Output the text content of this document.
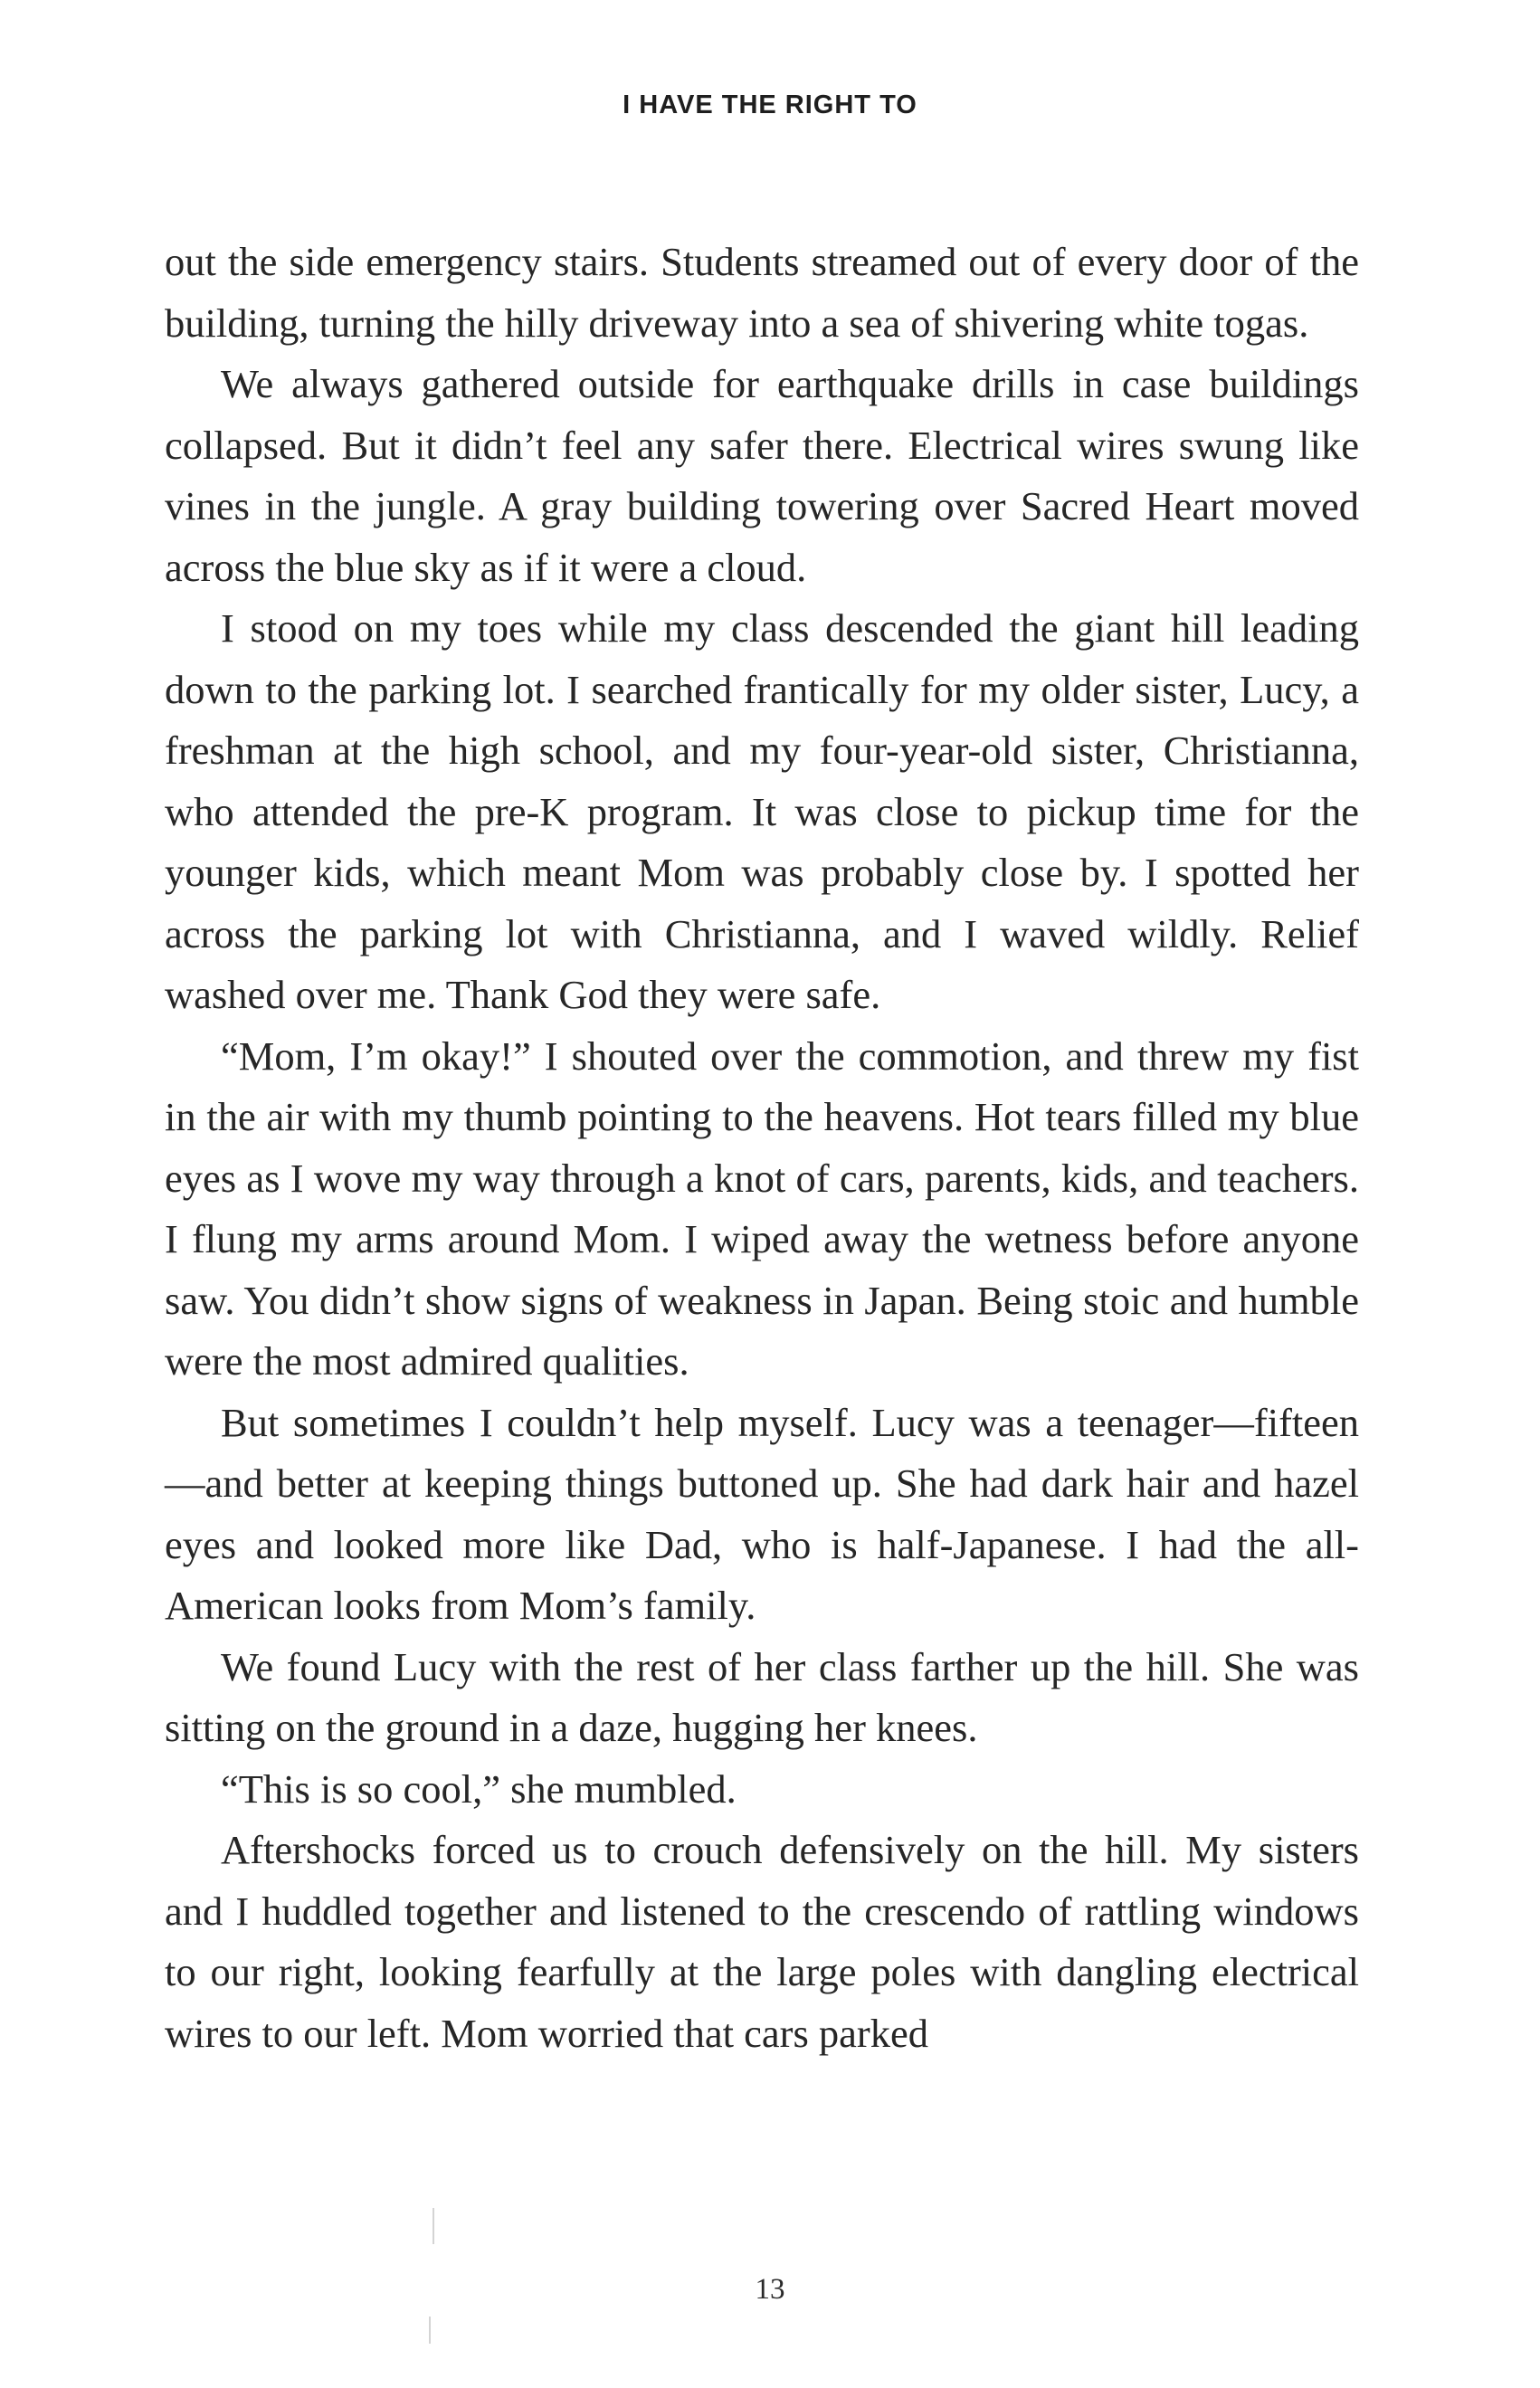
I HAVE THE RIGHT TO

out the side emergency stairs. Students streamed out of every door of the building, turning the hilly driveway into a sea of shivering white togas.

We always gathered outside for earthquake drills in case buildings collapsed. But it didn’t feel any safer there. Electrical wires swung like vines in the jungle. A gray building towering over Sacred Heart moved across the blue sky as if it were a cloud.

I stood on my toes while my class descended the giant hill leading down to the parking lot. I searched frantically for my older sister, Lucy, a freshman at the high school, and my four-year-old sister, Christianna, who attended the pre-K program. It was close to pickup time for the younger kids, which meant Mom was probably close by. I spotted her across the parking lot with Christianna, and I waved wildly. Relief washed over me. Thank God they were safe.

“Mom, I’m okay!” I shouted over the commotion, and threw my fist in the air with my thumb pointing to the heavens. Hot tears filled my blue eyes as I wove my way through a knot of cars, parents, kids, and teachers. I flung my arms around Mom. I wiped away the wetness before anyone saw. You didn’t show signs of weakness in Japan. Being stoic and humble were the most admired qualities.

But sometimes I couldn’t help myself. Lucy was a teenager—fifteen—and better at keeping things buttoned up. She had dark hair and hazel eyes and looked more like Dad, who is half-Japanese. I had the all-American looks from Mom’s family.

We found Lucy with the rest of her class farther up the hill. She was sitting on the ground in a daze, hugging her knees.

“This is so cool,” she mumbled.

Aftershocks forced us to crouch defensively on the hill. My sisters and I huddled together and listened to the crescendo of rattling windows to our right, looking fearfully at the large poles with dangling electrical wires to our left. Mom worried that cars parked

13
